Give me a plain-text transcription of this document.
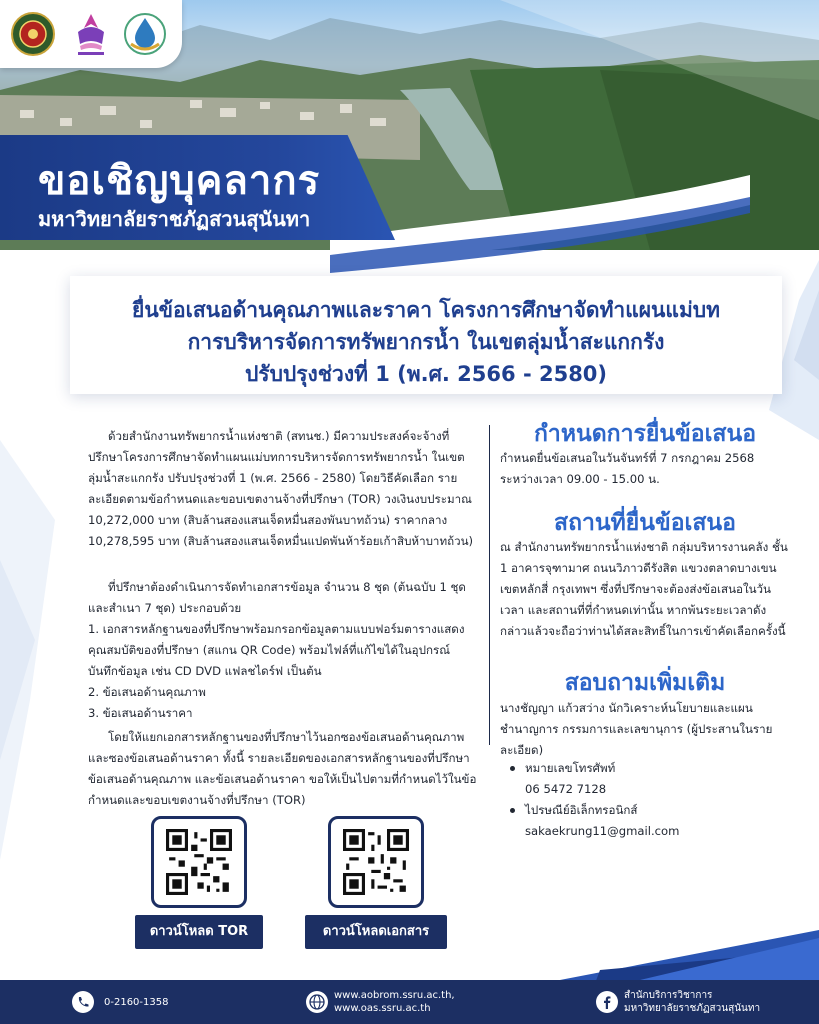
ขอเชิญบุคลากร
มหาวิทยาลัยราชภัฏสวนสุนันทา
ยื่นข้อเสนอด้านคุณภาพและราคา โครงการศึกษาจัดทำแผนแม่บท
การบริหารจัดการทรัพยากรน้ำ ในเขตลุ่มน้ำสะแกกรัง
ปรับปรุงช่วงที่ 1 (พ.ศ. 2566 - 2580)

ด้วยสำนักงานทรัพยากรน้ำแห่งชาติ (สทนช.) มีความประสงค์จะจ้างที่ปรึกษาโครงการศึกษาจัดทำแผนแม่บทการบริหารจัดการทรัพยากรน้ำ ในเขตลุ่มน้ำสะแกกรัง ปรับปรุงช่วงที่ 1 (พ.ศ. 2566 - 2580) โดยวิธีคัดเลือก รายละเอียดตามข้อกำหนดและขอบเขตงานจ้างที่ปรึกษา (TOR) วงเงินงบประมาณ 10,272,000 บาท (สิบล้านสองแสนเจ็ดหมื่นสองพันบาทถ้วน) ราคากลาง 10,278,595 บาท (สิบล้านสองแสนเจ็ดหมื่นแปดพันห้าร้อยเก้าสิบห้าบาทถ้วน)

ที่ปรึกษาต้องดำเนินการจัดทำเอกสารข้อมูล จำนวน 8 ชุด (ต้นฉบับ 1 ชุด และสำเนา 7 ชุด) ประกอบด้วย

1. เอกสารหลักฐานของที่ปรึกษาพร้อมกรอกข้อมูลตามแบบฟอร์มตารางแสดงคุณสมบัติของที่ปรึกษา (สแกน QR Code) พร้อมไฟล์ที่แก้ไขได้ในอุปกรณ์บันทึกข้อมูล เช่น CD DVD แฟลชไดร์ฟ เป็นต้น
2. ข้อเสนอด้านคุณภาพ
3. ข้อเสนอด้านราคา

โดยให้แยกเอกสารหลักฐานของที่ปรึกษาไว้นอกซองข้อเสนอด้านคุณภาพและซองข้อเสนอด้านราคา ทั้งนี้ รายละเอียดของเอกสารหลักฐานของที่ปรึกษา ข้อเสนอด้านคุณภาพ และข้อเสนอด้านราคา ขอให้เป็นไปตามที่กำหนดไว้ในข้อกำหนดและขอบเขตงานจ้างที่ปรึกษา (TOR)

กำหนดการยื่นข้อเสนอ
กำหนดยื่นข้อเสนอในวันจันทร์ที่ 7 กรกฎาคม 2568
ระหว่างเวลา 09.00 - 15.00 น.
สถานที่ยื่นข้อเสนอ

ณ สำนักงานทรัพยากรน้ำแห่งชาติ กลุ่มบริหารงานคลัง ชั้น 1 อาคารจุฑามาศ ถนนวิภาวดีรังสิต แขวงตลาดบางเขน เขตหลักสี่ กรุงเทพฯ ซึ่งที่ปรึกษาจะต้องส่งข้อเสนอในวัน เวลา และสถานที่ที่กำหนดเท่านั้น หากพ้นระยะเวลาดังกล่าวแล้วจะถือว่าท่านได้สละสิทธิ์ในการเข้าคัดเลือกครั้งนี้

สอบถามเพิ่มเติม

นางชัญญา แก้วสว่าง นักวิเคราะห์นโยบายและแผนชำนาญการ กรรมการและเลขานุการ (ผู้ประสานในรายละเอียด)

หมายเลขโทรศัพท์
06 5472 7128
ไปรษณีย์อิเล็กทรอนิกส์
sakaekrung11@gmail.com
ดาวน์โหลด TOR	ดาวน์โหลดเอกสาร
0-2160-1358
www.aobrom.ssru.ac.th,
www.oas.ssru.ac.th
สำนักบริการวิชาการ
มหาวิทยาลัยราชภัฏสวนสุนันทา
